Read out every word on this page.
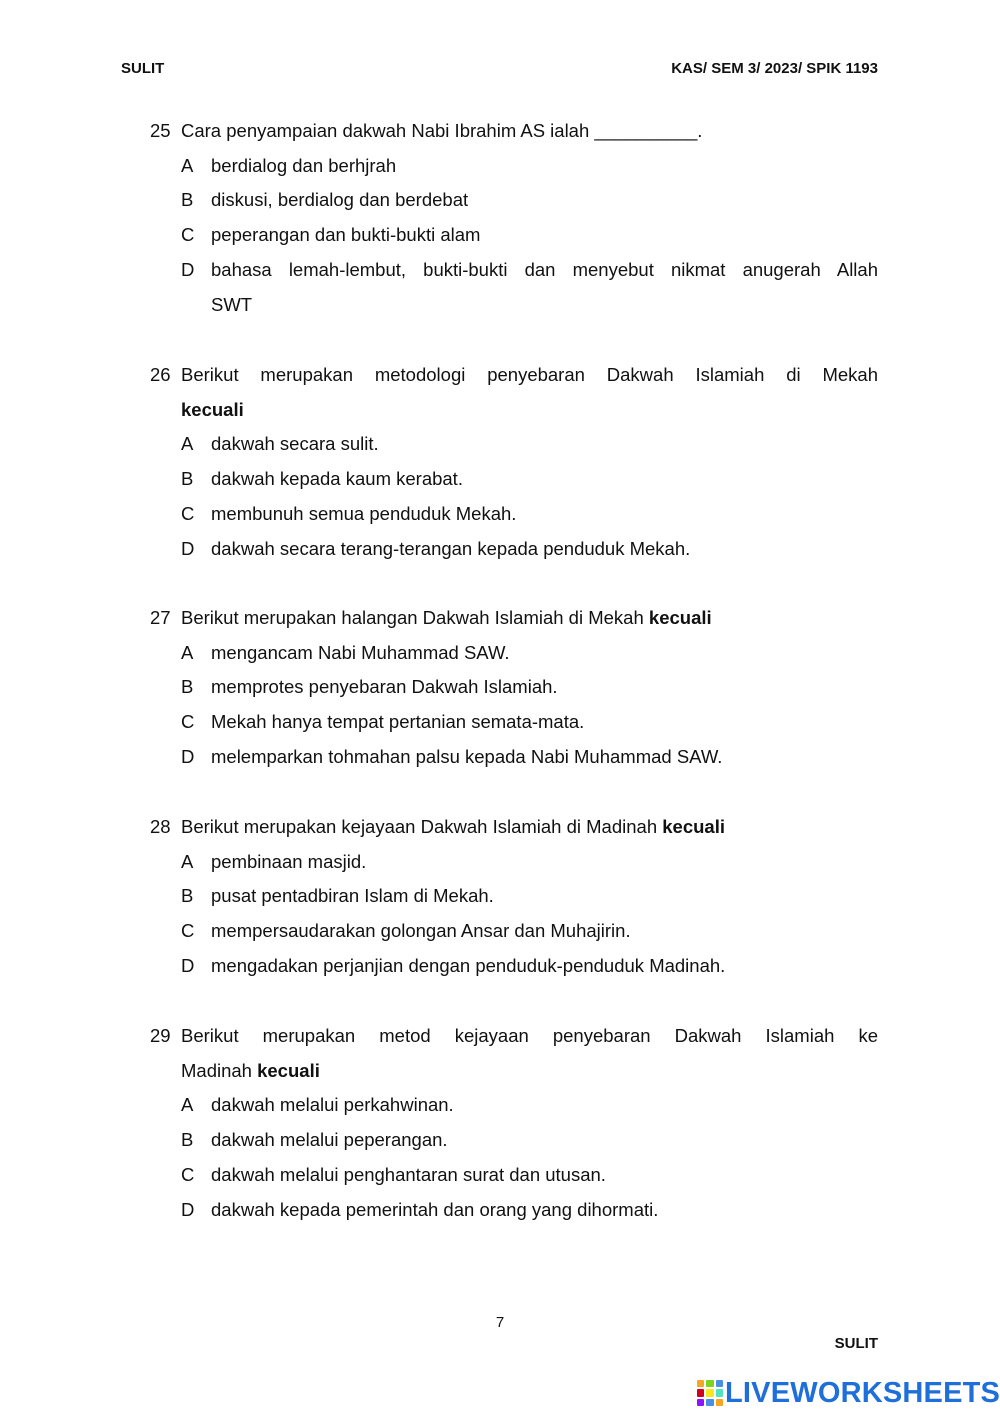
SULIT	KAS/ SEM 3/ 2023/ SPIK 1193
25 Cara penyampaian dakwah Nabi Ibrahim AS ialah __________.
A berdialog dan berhjrah
B diskusi, berdialog dan berdebat
C peperangan dan bukti-bukti alam
D bahasa lemah-lembut, bukti-bukti dan menyebut nikmat anugerah Allah
SWT
26 Berikut merupakan metodologi penyebaran Dakwah Islamiah di Mekah
kecuali
A dakwah secara sulit.
B dakwah kepada kaum kerabat.
C membunuh semua penduduk Mekah.
D dakwah secara terang-terangan kepada penduduk Mekah.
27 Berikut merupakan halangan Dakwah Islamiah di Mekah kecuali
A mengancam Nabi Muhammad SAW.
B memprotes penyebaran Dakwah Islamiah.
C Mekah hanya tempat pertanian semata-mata.
D melemparkan tohmahan palsu kepada Nabi Muhammad SAW.
28 Berikut merupakan kejayaan Dakwah Islamiah di Madinah kecuali
A pembinaan masjid.
B pusat pentadbiran Islam di Mekah.
C mempersaudarakan golongan Ansar dan Muhajirin.
D mengadakan perjanjian dengan penduduk-penduduk Madinah.
29 Berikut merupakan metod kejayaan penyebaran Dakwah Islamiah ke
Madinah kecuali
A dakwah melalui perkahwinan.
B dakwah melalui peperangan.
C dakwah melalui penghantaran surat dan utusan.
D dakwah kepada pemerintah dan orang yang dihormati.
7
SULIT
LIVEWORKSHEETS
